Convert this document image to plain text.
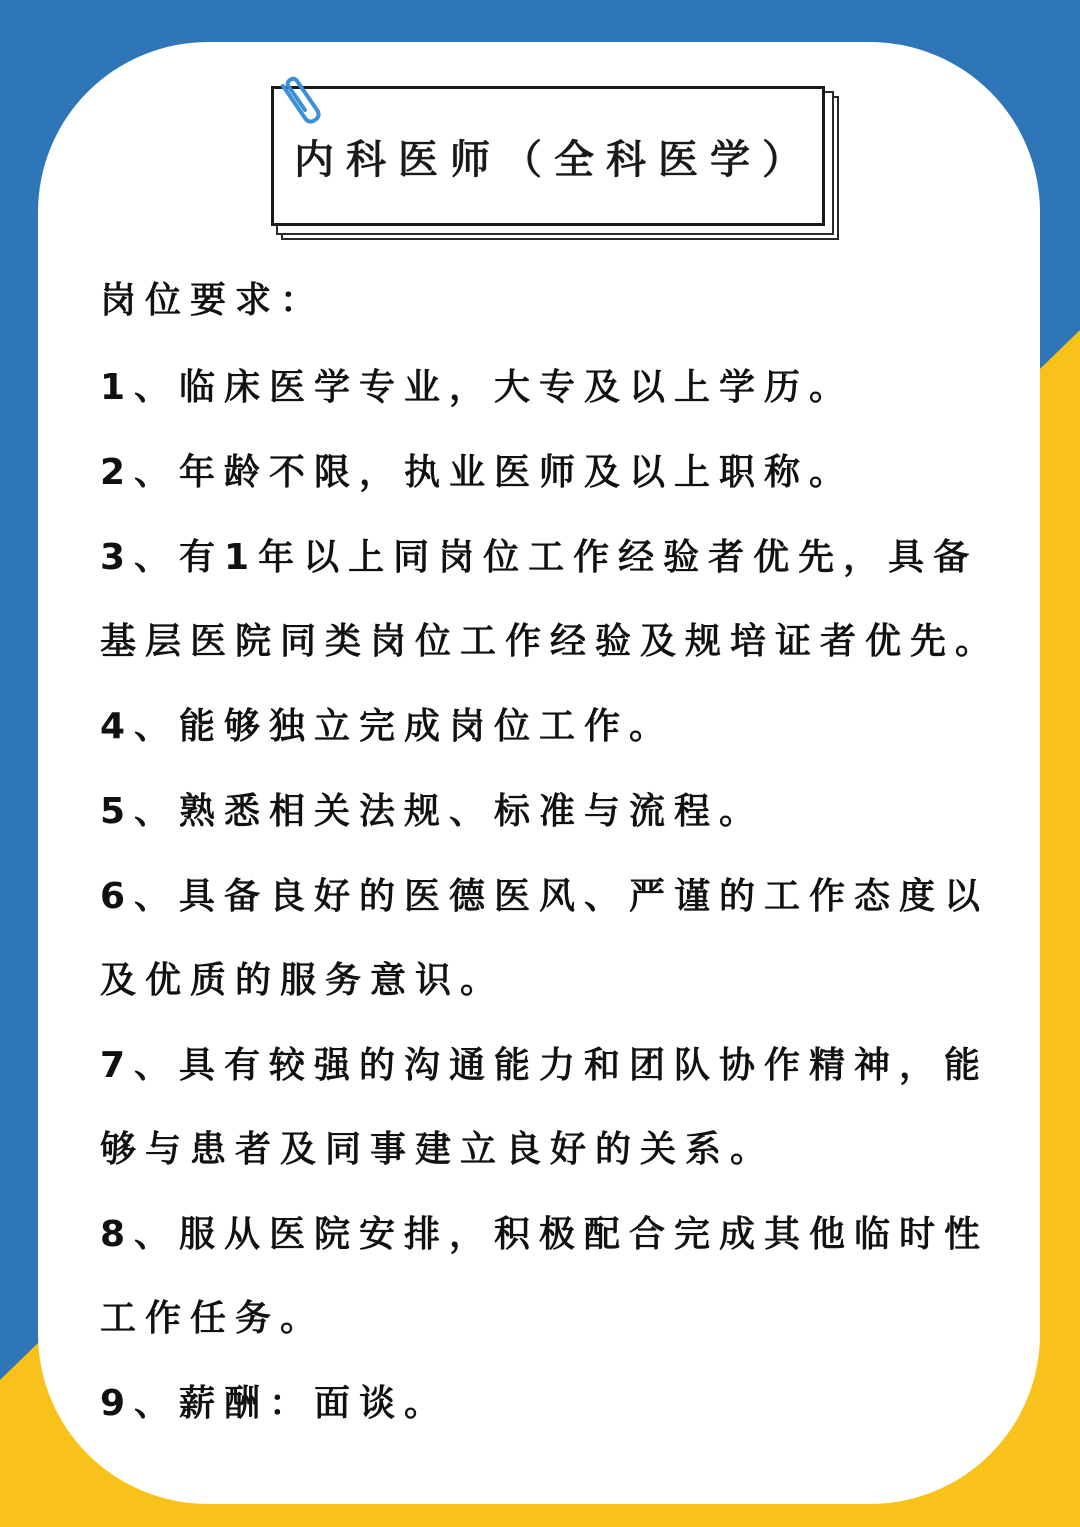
内科医师（全科医学）
岗位要求：
1、临床医学专业，大专及以上学历。
2、年龄不限，执业医师及以上职称。
3、有1年以上同岗位工作经验者优先，具备基层医院同类岗位工作经验及规培证者优先。
4、能够独立完成岗位工作。
5、熟悉相关法规、标准与流程。
6、具备良好的医德医风、严谨的工作态度以及优质的服务意识。
7、具有较强的沟通能力和团队协作精神，能够与患者及同事建立良好的关系。
8、服从医院安排，积极配合完成其他临时性工作任务。
9、薪酬：面谈。
